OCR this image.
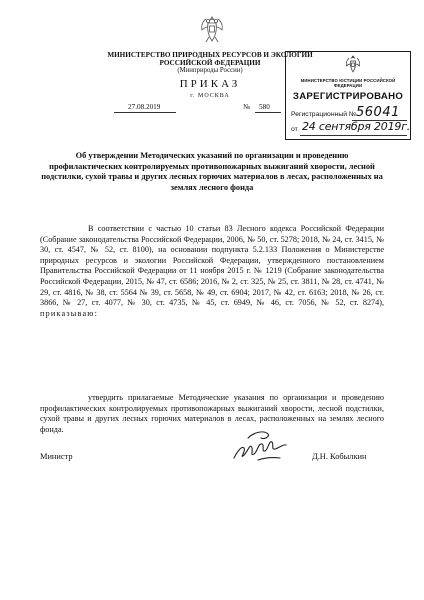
МИНИСТЕРСТВО ПРИРОДНЫХ РЕСУРСОВ И ЭКОЛОГИИ
РОССИЙСКОЙ ФЕДЕРАЦИИ
(Минприроды России)
ПРИКАЗ
г. МОСКВА
27.08.2019	№ 580
МИНИСТЕРСТВО ЮСТИЦИИ РОССИЙСКОЙ ФЕДЕРАЦИИ
ЗАРЕГИСТРИРОВАНО
Регистрационный № 56041
от 24 сентября 2019г.
Об утверждении Методических указаний по организации и проведению профилактических контролируемых противопожарных выжиганий хворости, лесной подстилки, сухой травы и других лесных горючих материалов в лесах, расположенных на землях лесного фонда
В соответствии с частью 10 статьи 83 Лесного кодекса Российской Федерации (Собрание законодательства Российской Федерации, 2006, № 50, ст. 5278; 2018, № 24, ст. 3415, № 30, ст. 4547, № 52, ст. 8100), на основании подпункта 5.2.133 Положения о Министерстве природных ресурсов и экологии Российской Федерации, утвержденного постановлением Правительства Российской Федерации от 11 ноября 2015 г. № 1219 (Собрание законодательства Российской Федерации, 2015, № 47, ст. 6586; 2016, № 2, ст. 325, № 25, ст. 3811, № 28, ст. 4741, № 29, ст. 4816, № 38, ст. 5564 № 39, ст. 5658, № 49, ст. 6904; 2017, № 42, ст. 6163; 2018, № 26, ст. 3866, № 27, ст. 4077, № 30, ст. 4735, № 45, ст. 6949, № 46, ст. 7056, № 52, ст. 8274), приказываю:
утвердить прилагаемые Методические указания по организации и проведению профилактических контролируемых противопожарных выжиганий хворости, лесной подстилки, сухой травы и других лесных горючих материалов в лесах, расположенных на землях лесного фонда.
Министр	Д.Н. Кобылкин
